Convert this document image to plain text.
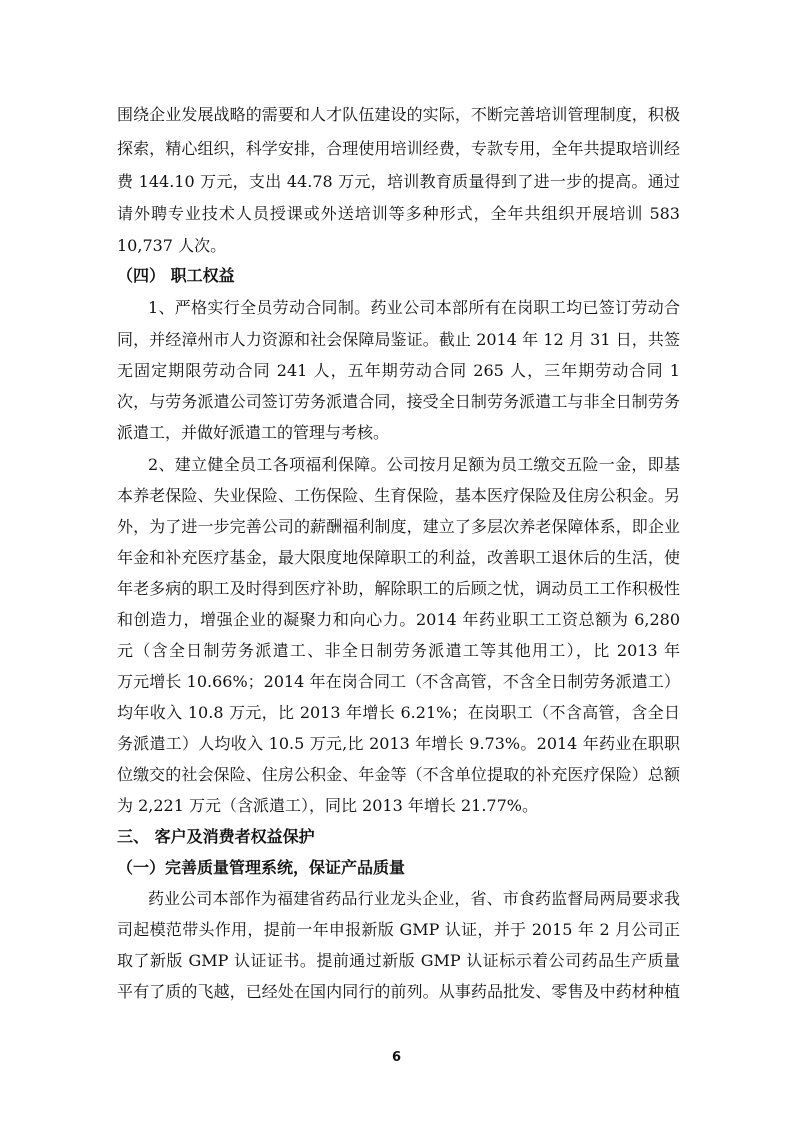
围绕企业发展战略的需要和人才队伍建设的实际，不断完善培训管理制度，积极
探索，精心组织，科学安排，合理使用培训经费，专款专用，全年共提取培训经
费 144.10 万元，支出 44.78 万元，培训教育质量得到了进一步的提高。通过
请外聘专业技术人员授课或外送培训等多种形式，全年共组织开展培训 583
10,737 人次。
（四） 职工权益
1、严格实行全员劳动合同制。药业公司本部所有在岗职工均已签订劳动合
同，并经漳州市人力资源和社会保障局鉴证。截止 2014 年 12 月 31 日，共签
无固定期限劳动合同 241 人，五年期劳动合同 265 人，三年期劳动合同 1
次，与劳务派遣公司签订劳务派遣合同，接受全日制劳务派遣工与非全日制劳务
派遣工，并做好派遣工的管理与考核。
2、建立健全员工各项福利保障。公司按月足额为员工缴交五险一金，即基
本养老保险、失业保险、工伤保险、生育保险，基本医疗保险及住房公积金。另
外，为了进一步完善公司的薪酬福利制度，建立了多层次养老保障体系，即企业
年金和补充医疗基金，最大限度地保障职工的利益，改善职工退休后的生活，使
年老多病的职工及时得到医疗补助，解除职工的后顾之忧，调动员工工作积极性
和创造力，增强企业的凝聚力和向心力。2014 年药业职工工资总额为 6,280
元（含全日制劳务派遣工、非全日制劳务派遣工等其他用工），比 2013 年
万元增长 10.66%；2014 年在岗合同工（不含高管，不含全日制劳务派遣工）
均年收入 10.8 万元，比 2013 年增长 6.21%；在岗职工（不含高管，含全日
务派遣工）人均收入 10.5 万元,比 2013 年增长 9.73%。2014 年药业在职职
位缴交的社会保险、住房公积金、年金等（不含单位提取的补充医疗保险）总额
为 2,221 万元（含派遣工），同比 2013 年增长 21.77%。
三、 客户及消费者权益保护
（一）完善质量管理系统，保证产品质量
药业公司本部作为福建省药品行业龙头企业，省、市食药监督局两局要求我
司起模范带头作用，提前一年申报新版 GMP 认证，并于 2015 年 2 月公司正
取了新版 GMP 认证证书。提前通过新版 GMP 认证标示着公司药品生产质量
平有了质的飞越，已经处在国内同行的前列。从事药品批发、零售及中药材种植
6
